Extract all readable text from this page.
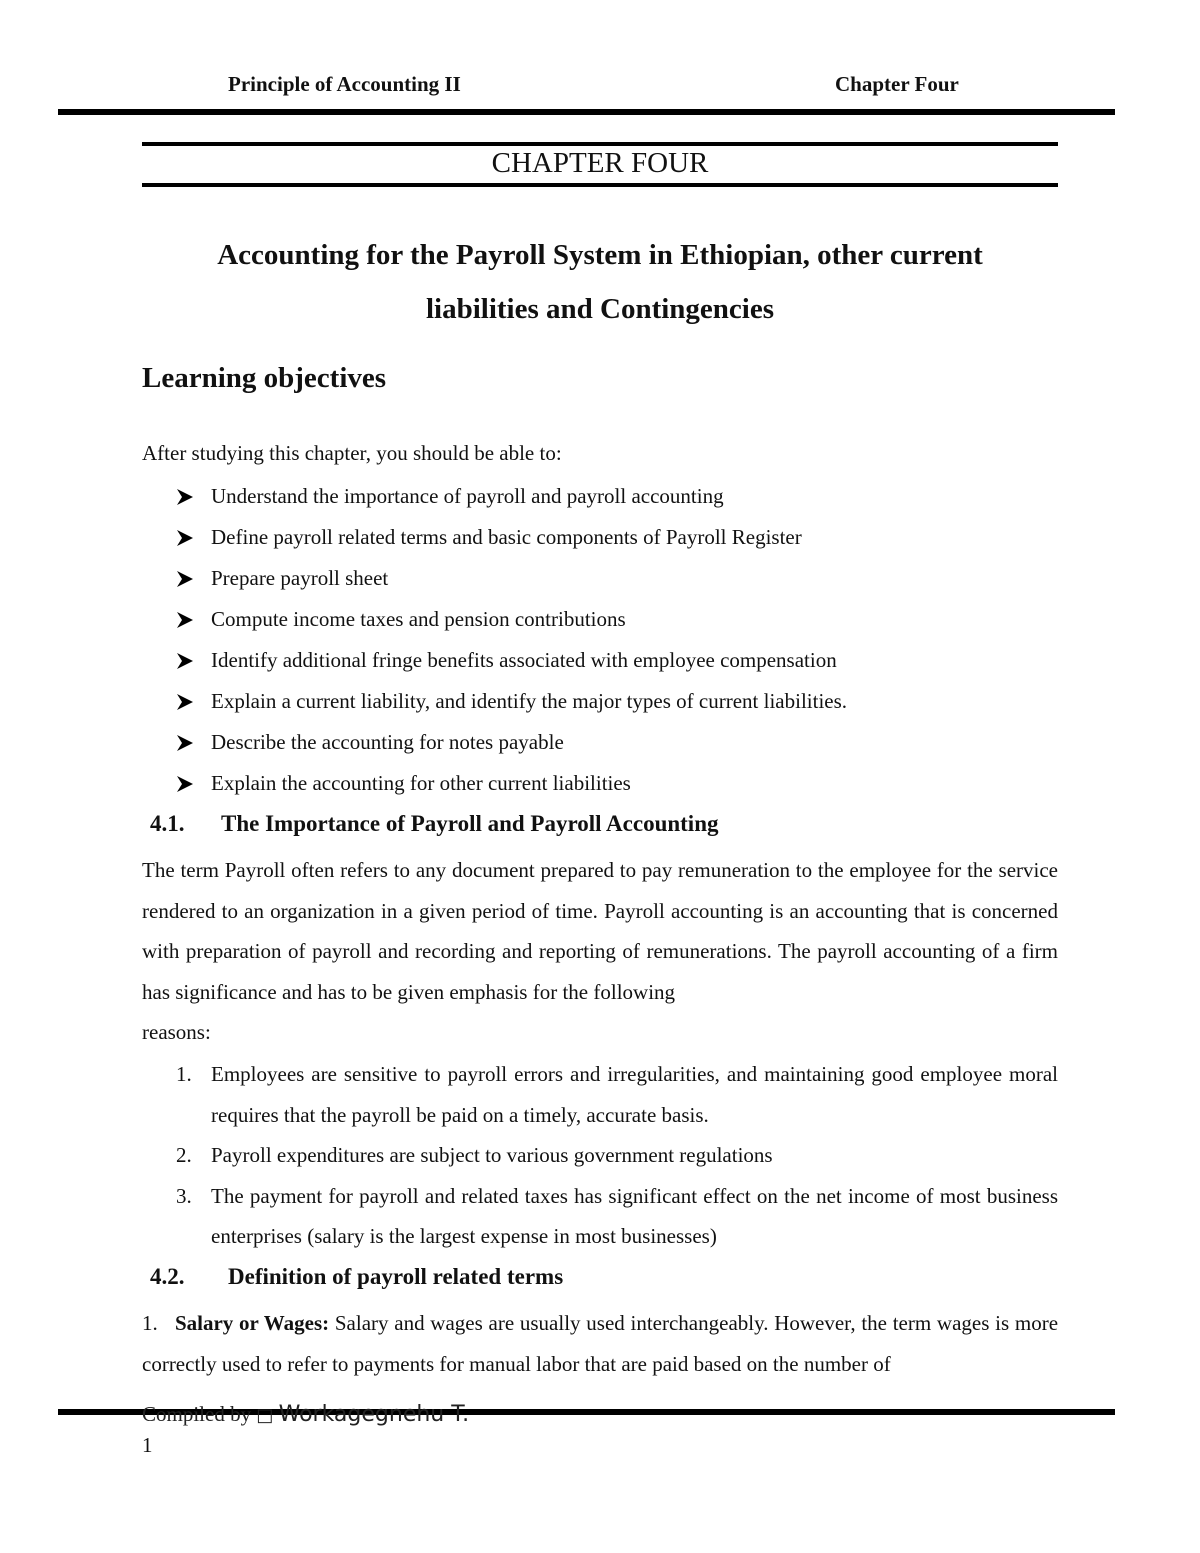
Principle of Accounting II	Chapter Four
CHAPTER FOUR
Accounting for the Payroll System in Ethiopian, other current
liabilities and Contingencies
Learning objectives
After studying this chapter, you should be able to:
Understand the importance of payroll and payroll accounting
Define payroll related terms and basic components of Payroll Register
Prepare payroll sheet
Compute income taxes and pension contributions
Identify additional fringe benefits associated with employee compensation
Explain a current liability, and identify the major types of current liabilities.
Describe the accounting for notes payable
Explain the accounting for other current liabilities
4.1.	The Importance of Payroll and Payroll Accounting
The term Payroll often refers to any document prepared to pay remuneration to the employee for the service rendered to an organization in a given period of time. Payroll accounting is an accounting that is concerned with preparation of payroll and recording and reporting of remunerations. The payroll accounting of a firm has significance and has to be given emphasis for the following
reasons:
1. Employees are sensitive to payroll errors and irregularities, and maintaining good employee moral requires that the payroll be paid on a timely, accurate basis.
2. Payroll expenditures are subject to various government regulations
3. The payment for payroll and related taxes has significant effect on the net income of most business enterprises (salary is the largest expense in most businesses)
4.2.	Definition of payroll related terms
1. Salary or Wages: Salary and wages are usually used interchangeably. However, the term wages is more correctly used to refer to payments for manual labor that are paid based on the number of
Compiled by □ Workagegnehu T.
1
